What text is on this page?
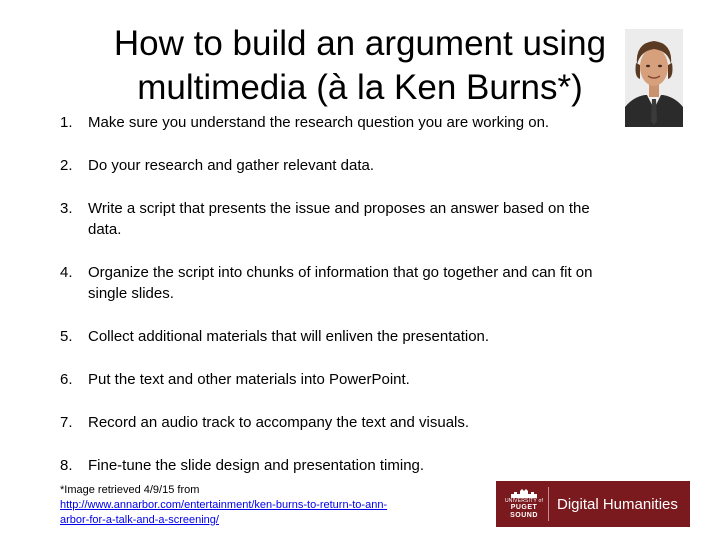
How to build an argument using
multimedia (à la Ken Burns*)
1. Make sure you understand the research question you are working on.
2. Do your research and gather relevant data.
3. Write a script that presents the issue and proposes an answer based on the data.
4. Organize the script into chunks of information that go together and can fit on single slides.
5. Collect additional materials that will enliven the presentation.
6. Put the text and other materials into PowerPoint.
7. Record an audio track to accompany the text and visuals.
8. Fine-tune the slide design and presentation timing.
*Image retrieved 4/9/15 from
http://www.annarbor.com/entertainment/ken-burns-to-return-to-ann-
arbor-for-a-talk-and-a-screening/
UNIVERSITY of
PUGET
SOUND
Digital Humanities
